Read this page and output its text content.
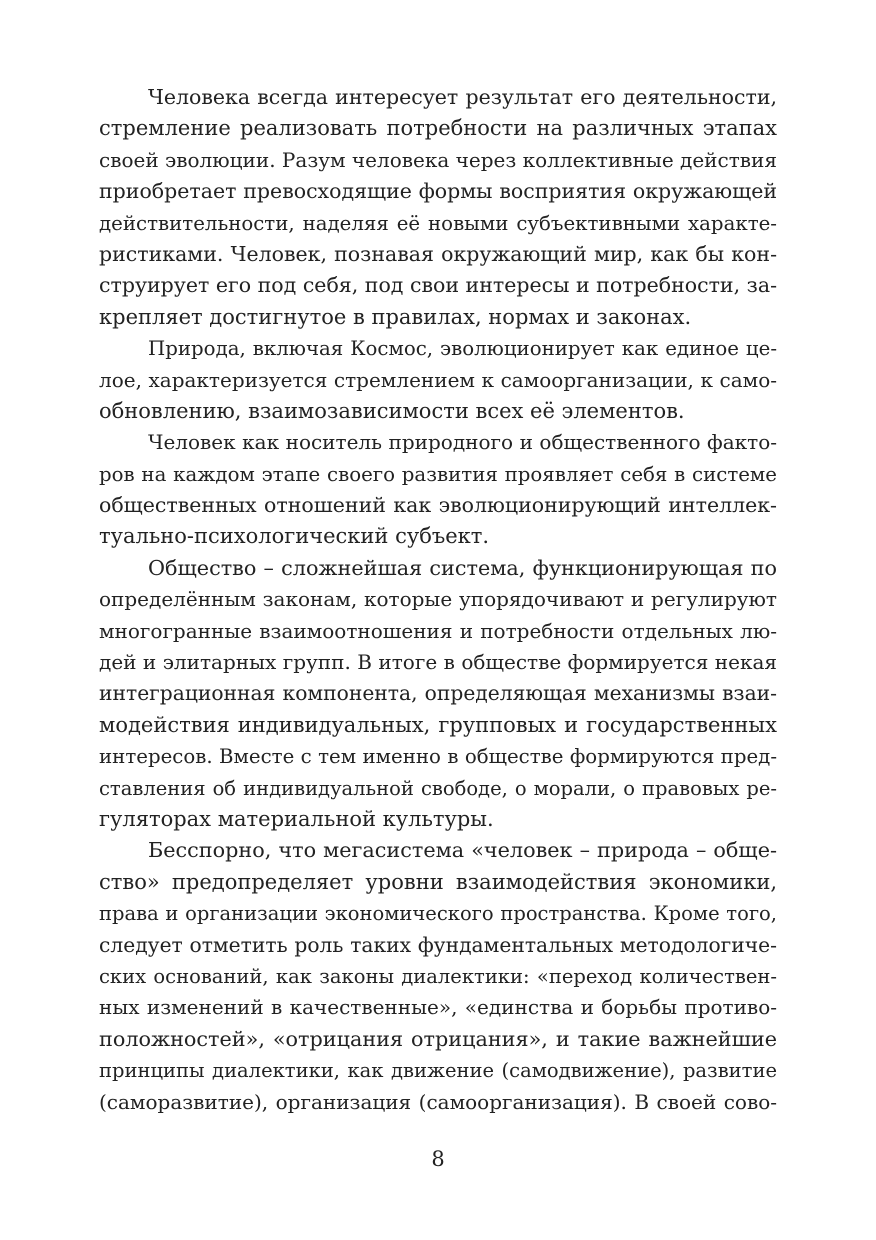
Человека всегда интересует результат его деятельности,
стремление реализовать потребности на различных этапах
своей эволюции. Разум человека через коллективные действия
приобретает превосходящие формы восприятия окружающей
действительности, наделяя её новыми субъективными характе-
ристиками. Человек, познавая окружающий мир, как бы кон-
струирует его под себя, под свои интересы и потребности, за-
крепляет достигнутое в правилах, нормах и законах.
Природа, включая Космос, эволюционирует как единое це-
лое, характеризуется стремлением к самоорганизации, к само-
обновлению, взаимозависимости всех её элементов.
Человек как носитель природного и общественного факто-
ров на каждом этапе своего развития проявляет себя в системе
общественных отношений как эволюционирующий интеллек-
туально-психологический субъект.
Общество – сложнейшая система, функционирующая по
определённым законам, которые упорядочивают и регулируют
многогранные взаимоотношения и потребности отдельных лю-
дей и элитарных групп. В итоге в обществе формируется некая
интеграционная компонента, определяющая механизмы взаи-
модействия индивидуальных, групповых и государственных
интересов. Вместе с тем именно в обществе формируются пред-
ставления об индивидуальной свободе, о морали, о правовых ре-
гуляторах материальной культуры.
Бесспорно, что мегасистема «человек – природа – обще-
ство» предопределяет уровни взаимодействия экономики,
права и организации экономического пространства. Кроме того,
следует отметить роль таких фундаментальных методологиче-
ских оснований, как законы диалектики: «переход количествен-
ных изменений в качественные», «единства и борьбы противо-
положностей», «отрицания отрицания», и такие важнейшие
принципы диалектики, как движение (самодвижение), развитие
(саморазвитие), организация (самоорганизация). В своей сово-
8
